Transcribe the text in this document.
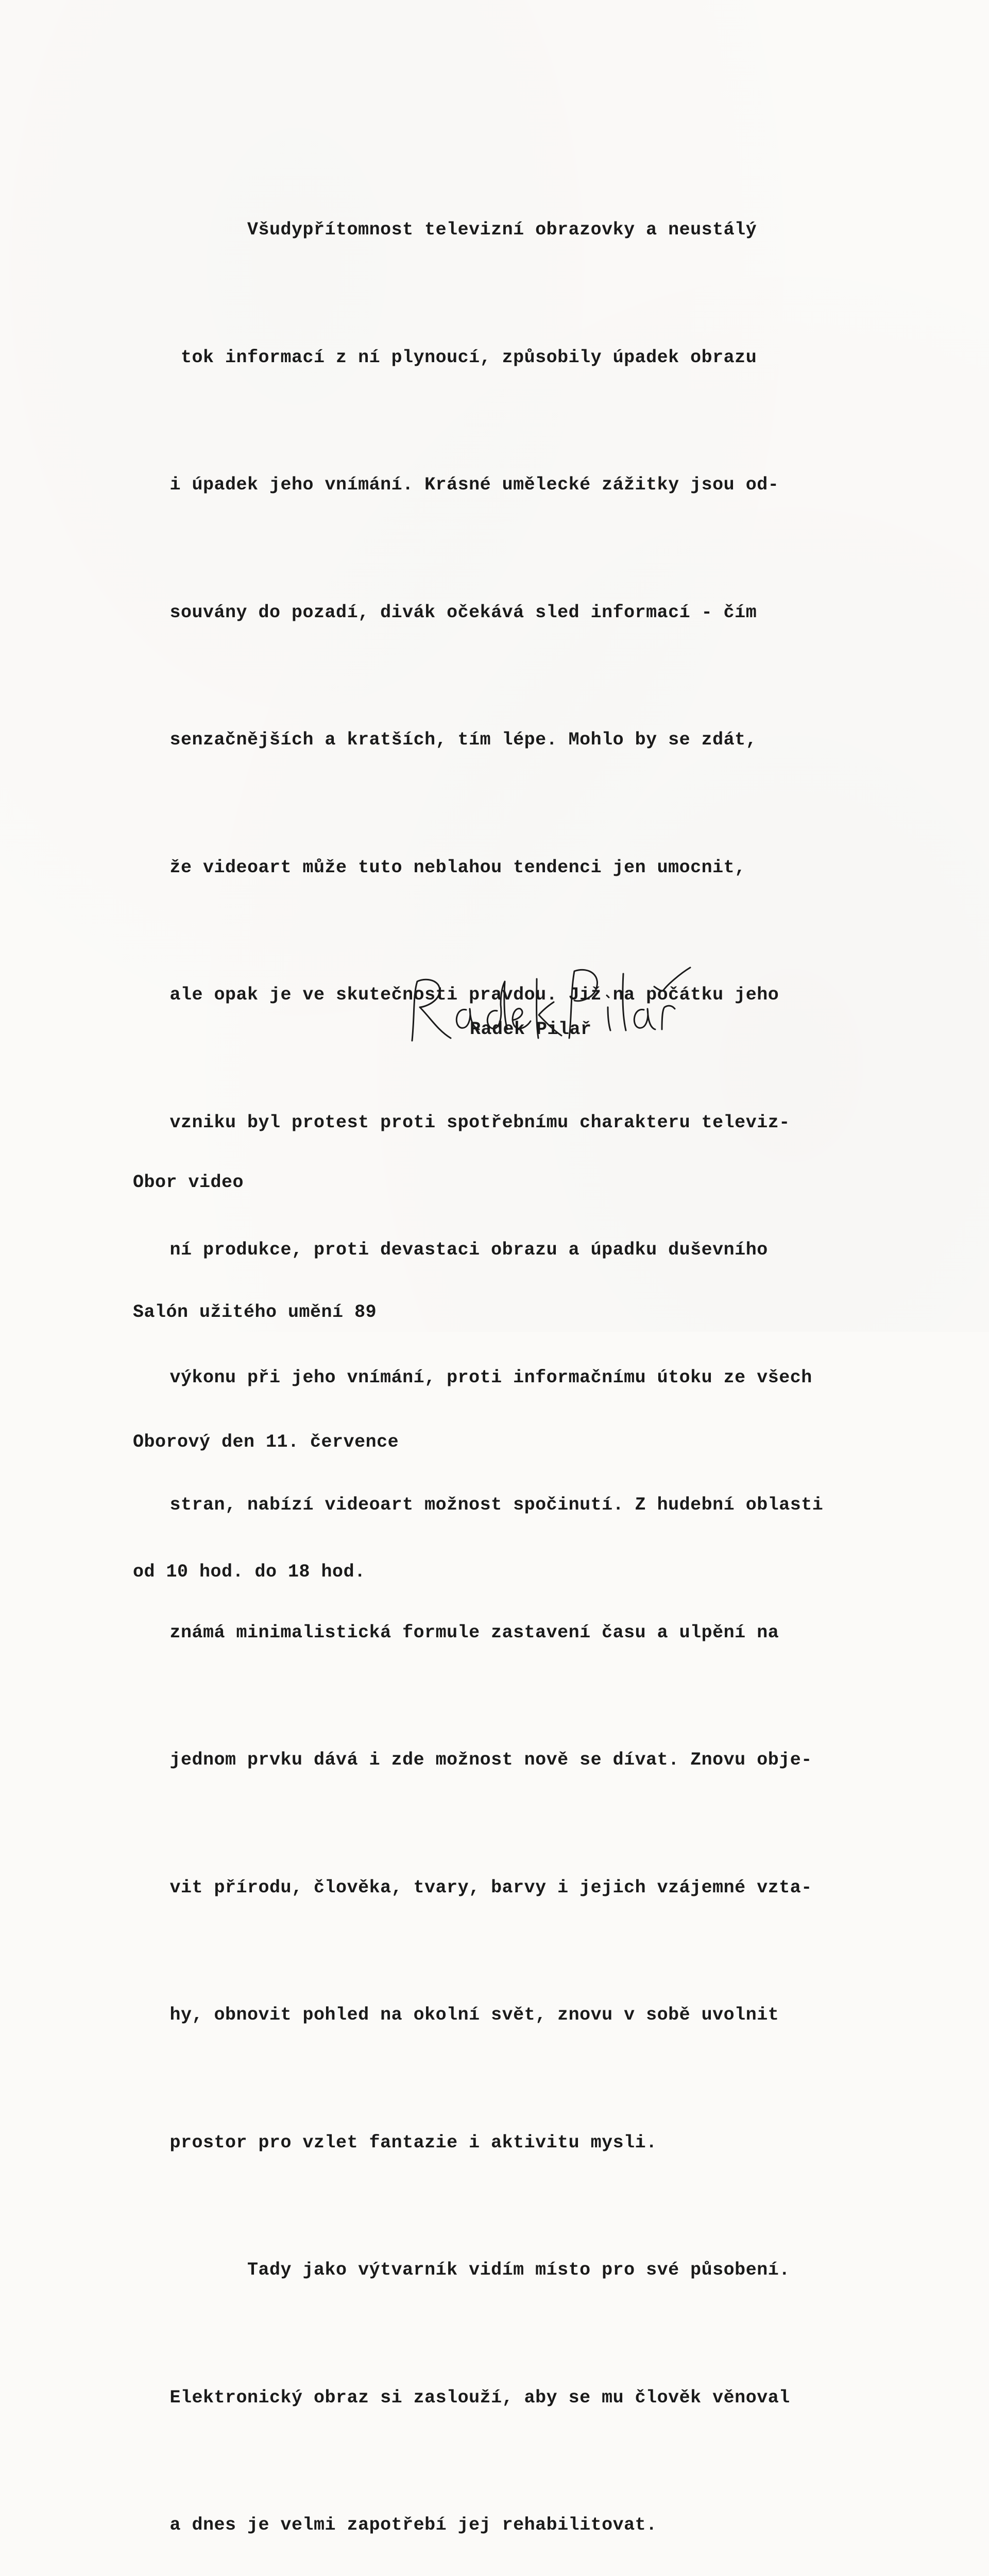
Všudypřítomnost televizní obrazovky a neustálý

tok informací z ní plynoucí, způsobily úpadek obrazu

i úpadek jeho vnímání. Krásné umělecké zážitky jsou od-

souvány do pozadí, divák očekává sled informací - čím

senzačnějších a kratších, tím lépe. Mohlo by se zdát,

že videoart může tuto neblahou tendenci jen umocnit,

ale opak je ve skutečnosti pravdou. Již na počátku jeho

vzniku byl protest proti spotřebnímu charakteru televiz-

ní produkce, proti devastaci obrazu a úpadku duševního

výkonu při jeho vnímání, proti informačnímu útoku ze všech

stran, nabízí videoart možnost spočinutí. Z hudební oblasti

známá minimalistická formule zastavení času a ulpění na

jednom prvku dává i zde možnost nově se dívat. Znovu obje-

vit přírodu, člověka, tvary, barvy i jejich vzájemné vzta-

hy, obnovit pohled na okolní svět, znovu v sobě uvolnit

prostor pro vzlet fantazie i aktivitu mysli.

Tady jako výtvarník vidím místo pro své působení.

Elektronický obraz si zaslouží, aby se mu člověk věnoval

a dnes je velmi zapotřebí jej rehabilitovat.

Radek Pilař

Obor video

Salón užitého umění 89

Oborový den 11. července

od 10 hod. do 18 hod.
